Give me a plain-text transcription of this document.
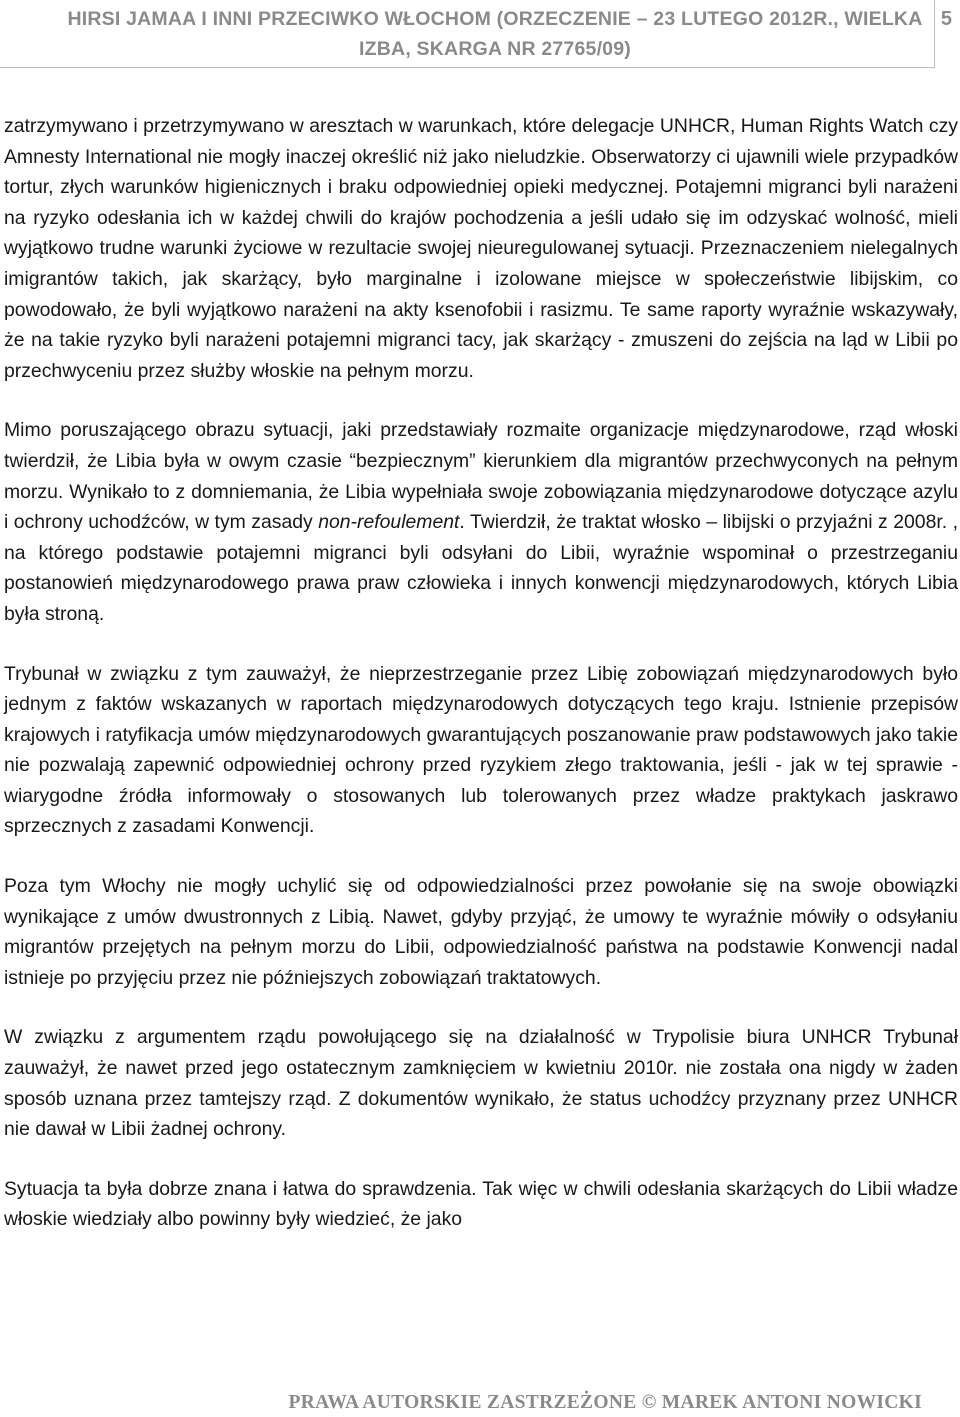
HIRSI JAMAA I INNI PRZECIWKO WŁOCHOM (ORZECZENIE – 23 LUTEGO 2012R., WIELKA
IZBA, SKARGA NR 27765/09)
5

zatrzymywano i przetrzymywano w aresztach w warunkach, które delegacje UNHCR, Human Rights Watch czy Amnesty International nie mogły inaczej określić niż jako nieludzkie. Obserwatorzy ci ujawnili wiele przypadków tortur, złych warunków higienicznych i braku odpowiedniej opieki medycznej. Potajemni migranci byli narażeni na ryzyko odesłania ich w każdej chwili do krajów pochodzenia a jeśli udało się im odzyskać wolność, mieli wyjątkowo trudne warunki życiowe w rezultacie swojej nieuregulowanej sytuacji. Przeznaczeniem nielegalnych imigrantów takich, jak skarżący, było marginalne i izolowane miejsce w społeczeństwie libijskim, co powodowało, że byli wyjątkowo narażeni na akty ksenofobii i rasizmu. Te same raporty wyraźnie wskazywały, że na takie ryzyko byli narażeni potajemni migranci tacy, jak skarżący - zmuszeni do zejścia na ląd w Libii po przechwyceniu przez służby włoskie na pełnym morzu.

Mimo poruszającego obrazu sytuacji, jaki przedstawiały rozmaite organizacje międzynarodowe, rząd włoski twierdził, że Libia była w owym czasie “bezpiecznym” kierunkiem dla migrantów przechwyconych na pełnym morzu. Wynikało to z domniemania, że Libia wypełniała swoje zobowiązania międzynarodowe dotyczące azylu i ochrony uchodźców, w tym zasady non-refoulement. Twierdził, że traktat włosko – libijski o przyjaźni z 2008r. , na którego podstawie potajemni migranci byli odsyłani do Libii, wyraźnie wspominał o przestrzeganiu postanowień międzynarodowego prawa praw człowieka i innych konwencji międzynarodowych, których Libia była stroną.

Trybunał w związku z tym zauważył, że nieprzestrzeganie przez Libię zobowiązań międzynarodowych było jednym z faktów wskazanych w raportach międzynarodowych dotyczących tego kraju. Istnienie przepisów krajowych i ratyfikacja umów międzynarodowych gwarantujących poszanowanie praw podstawowych jako takie nie pozwalają zapewnić odpowiedniej ochrony przed ryzykiem złego traktowania, jeśli - jak w tej sprawie - wiarygodne źródła informowały o stosowanych lub tolerowanych przez władze praktykach jaskrawo sprzecznych z zasadami Konwencji.

Poza tym Włochy nie mogły uchylić się od odpowiedzialności przez powołanie się na swoje obowiązki wynikające z umów dwustronnych z Libią. Nawet, gdyby przyjąć, że umowy te wyraźnie mówiły o odsyłaniu migrantów przejętych na pełnym morzu do Libii, odpowiedzialność państwa na podstawie Konwencji nadal istnieje po przyjęciu przez nie późniejszych zobowiązań traktatowych.

W związku z argumentem rządu powołującego się na działalność w Trypolisie biura UNHCR Trybunał zauważył, że nawet przed jego ostatecznym zamknięciem w kwietniu 2010r. nie została ona nigdy w żaden sposób uznana przez tamtejszy rząd. Z dokumentów wynikało, że status uchodźcy przyznany przez UNHCR nie dawał w Libii żadnej ochrony.

Sytuacja ta była dobrze znana i łatwa do sprawdzenia. Tak więc w chwili odesłania skarżących do Libii władze włoskie wiedziały albo powinny były wiedzieć, że jako

PRAWA AUTORSKIE ZASTRZEŻONE © MAREK ANTONI NOWICKI
